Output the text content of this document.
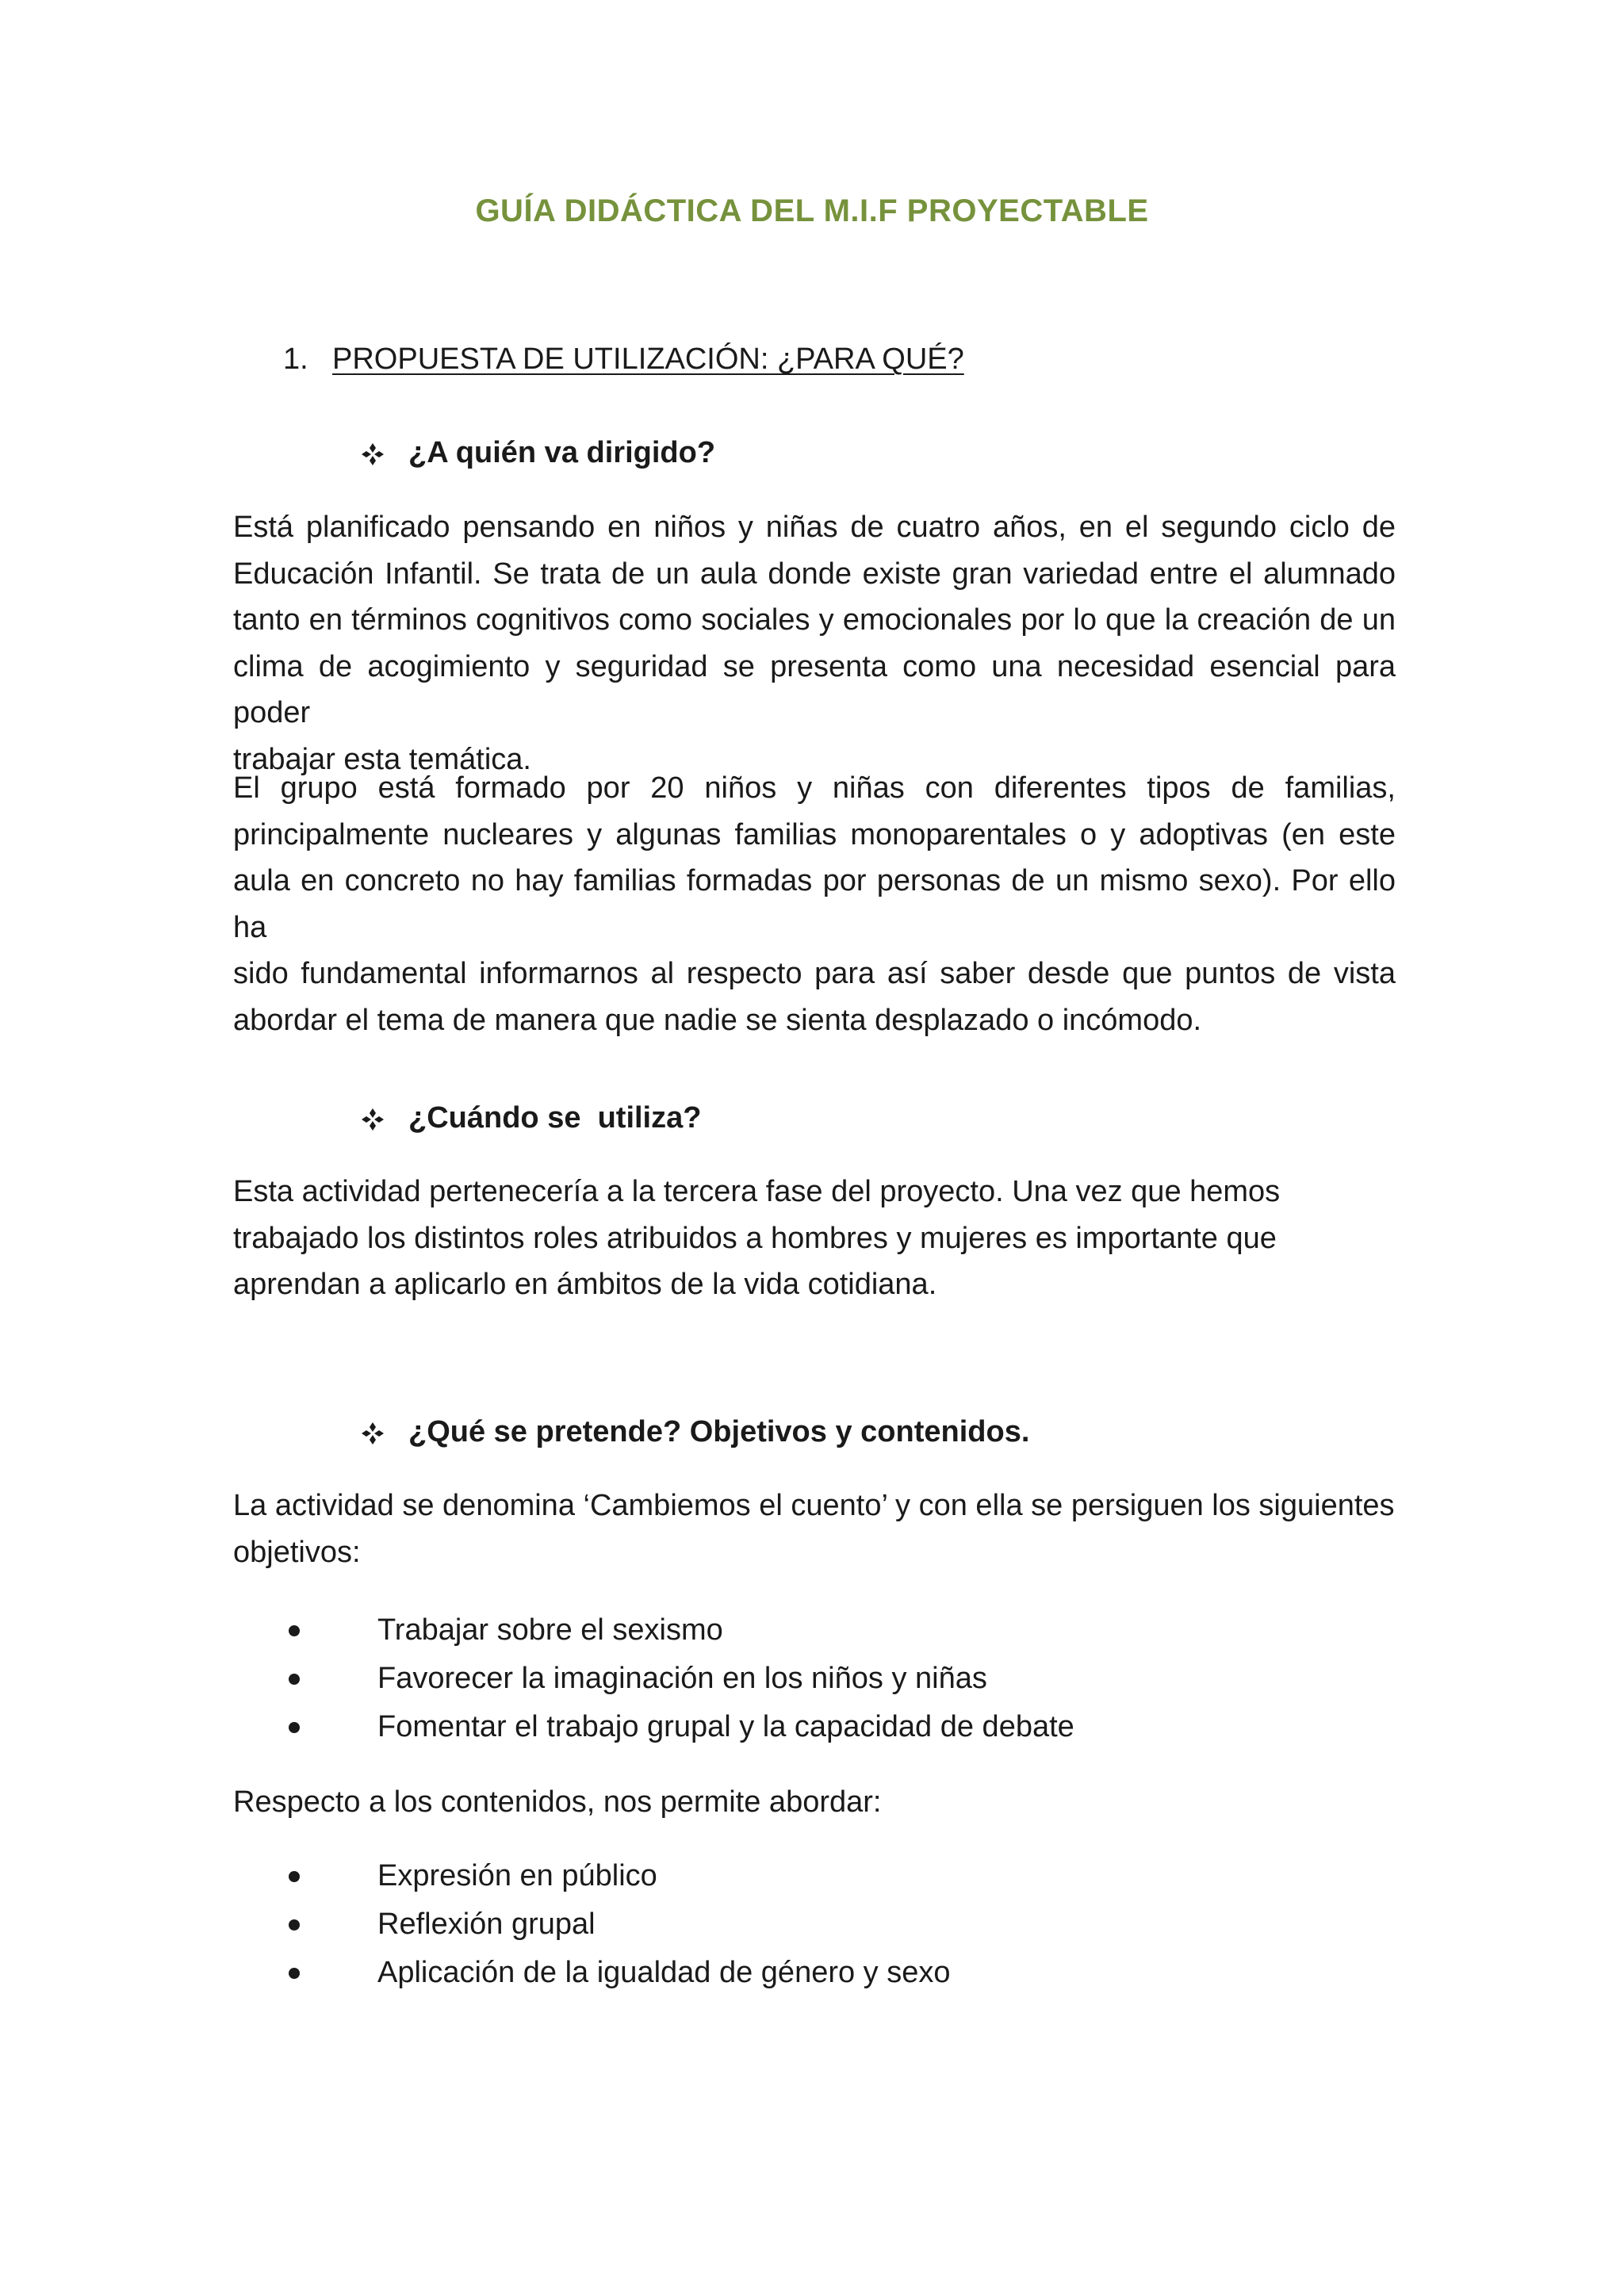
GUÍA DIDÁCTICA DEL M.I.F PROYECTABLE
1. PROPUESTA DE UTILIZACIÓN: ¿PARA QUÉ?
¿A quién va dirigido?
Está planificado pensando en niños y niñas de cuatro años, en el segundo ciclo de
Educación Infantil. Se trata de un aula donde existe gran variedad entre el alumnado
tanto en términos cognitivos como sociales y emocionales por lo que la creación de un
clima de acogimiento y seguridad se presenta como una necesidad esencial para poder
trabajar esta temática.
El grupo está formado por 20 niños y niñas con diferentes tipos de familias,
principalmente nucleares y algunas familias monoparentales o y adoptivas (en este
aula en concreto no hay familias formadas por personas de un mismo sexo). Por ello ha
sido fundamental informarnos al respecto para así saber desde que puntos de vista
abordar el tema de manera que nadie se sienta desplazado o incómodo.
¿Cuándo se  utiliza?
Esta actividad pertenecería a la tercera fase del proyecto. Una vez que hemos
trabajado los distintos roles atribuidos a hombres y mujeres es importante que
aprendan a aplicarlo en ámbitos de la vida cotidiana.
¿Qué se pretende? Objetivos y contenidos.
La actividad se denomina ‘Cambiemos el cuento’ y con ella se persiguen los siguientes
objetivos:
Trabajar sobre el sexismo
Favorecer la imaginación en los niños y niñas
Fomentar el trabajo grupal y la capacidad de debate
Respecto a los contenidos, nos permite abordar:
Expresión en público
Reflexión grupal
Aplicación de la igualdad de género y sexo
